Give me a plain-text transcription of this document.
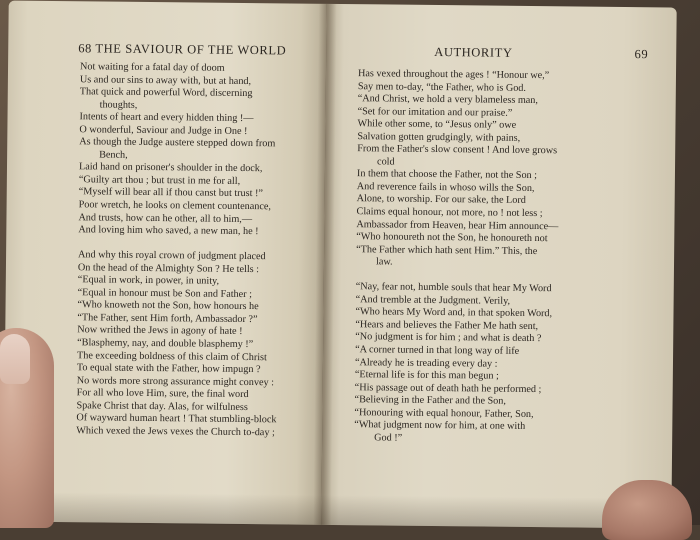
68 THE SAVIOUR OF THE WORLD
Not waiting for a fatal day of doom
Us and our sins to away with, but at hand,
That quick and powerful Word, discerning
thoughts,
Intents of heart and every hidden thing !—
O wonderful, Saviour and Judge in One !
As though the Judge austere stepped down from
Bench,
Laid hand on prisoner's shoulder in the dock,
“Guilty art thou ; but trust in me for all,
“Myself will bear all if thou canst but trust !”
Poor wretch, he looks on clement countenance,
And trusts, how can he other, all to him,—
And loving him who saved, a new man, he !
And why this royal crown of judgment placed
On the head of the Almighty Son ? He tells :
“Equal in work, in power, in unity,
“Equal in honour must be Son and Father ;
“Who knoweth not the Son, how honours he
“The Father, sent Him forth, Ambassador ?”
Now writhed the Jews in agony of hate !
“Blasphemy, nay, and double blasphemy !”
The exceeding boldness of this claim of Christ
To equal state with the Father, how impugn ?
No words more strong assurance might convey :
For all who love Him, sure, the final word
Spake Christ that day. Alas, for wilfulness
Of wayward human heart ! That stumbling-block
Which vexed the Jews vexes the Church to-day ;
AUTHORITY	69
Has vexed throughout the ages ! “Honour we,”
Say men to-day, “the Father, who is God.
“And Christ, we hold a very blameless man,
“Set for our imitation and our praise.”
While other some, to “Jesus only” owe
Salvation gotten grudgingly, with pains,
From the Father's slow consent ! And love grows
cold
In them that choose the Father, not the Son ;
And reverence fails in whoso wills the Son,
Alone, to worship. For our sake, the Lord
Claims equal honour, not more, no ! not less ;
Ambassador from Heaven, hear Him announce—
“Who honoureth not the Son, he honoureth not
“The Father which hath sent Him.” This, the
law.
“Nay, fear not, humble souls that hear My Word
“And tremble at the Judgment. Verily,
“Who hears My Word and, in that spoken Word,
“Hears and believes the Father Me hath sent,
“No judgment is for him ; and what is death ?
“A corner turned in that long way of life
“Already he is treading every day :
“Eternal life is for this man begun ;
“His passage out of death hath he performed ;
“Believing in the Father and the Son,
“Honouring with equal honour, Father, Son,
“What judgment now for him, at one with
God !”
